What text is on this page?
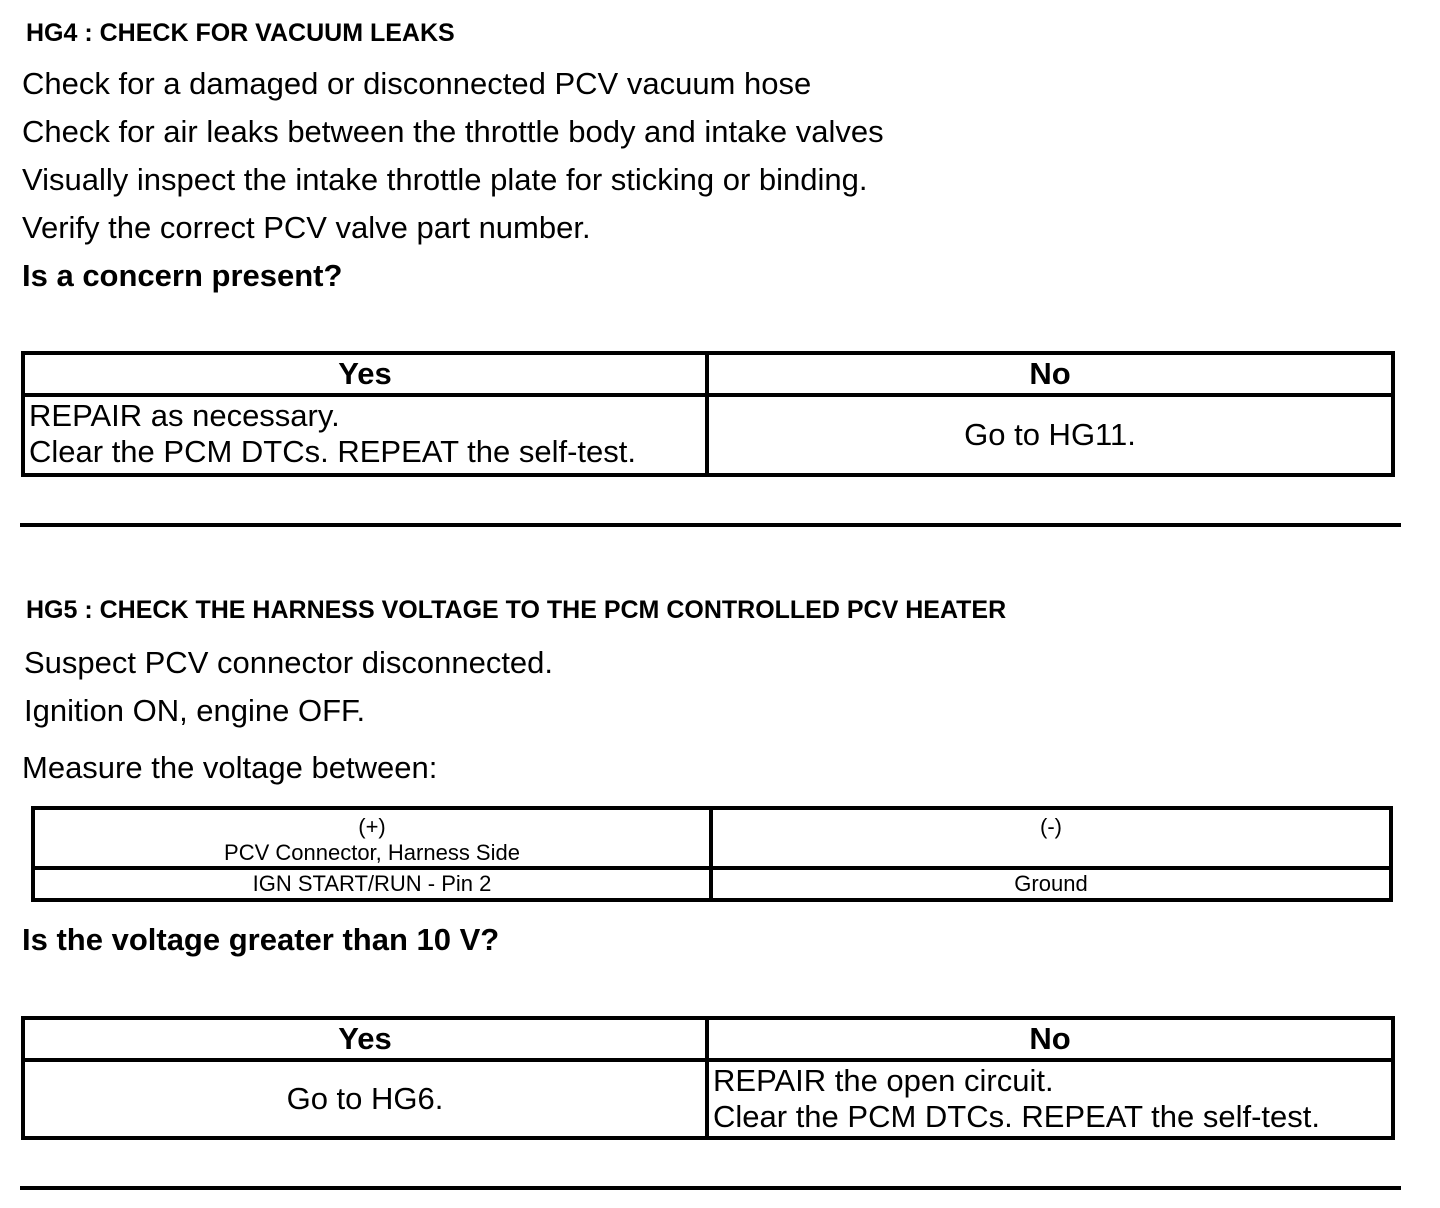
HG4 : CHECK FOR VACUUM LEAKS
Check for a damaged or disconnected PCV vacuum hose
Check for air leaks between the throttle body and intake valves
Visually inspect the intake throttle plate for sticking or binding.
Verify the correct PCV valve part number.
Is a concern present?
Yes	No

REPAIR as necessary.
Clear the PCM DTCs. REPEAT the self-test.	Go to HG11.
HG5 : CHECK THE HARNESS VOLTAGE TO THE PCM CONTROLLED PCV HEATER
Suspect PCV connector disconnected.
Ignition ON, engine OFF.
Measure the voltage between:
(+)
PCV Connector, Harness Side	(-)

IGN START/RUN - Pin 2	Ground
Is the voltage greater than 10 V?
Yes	No
Go to HG6.	REPAIR the open circuit.
Clear the PCM DTCs. REPEAT the self-test.
